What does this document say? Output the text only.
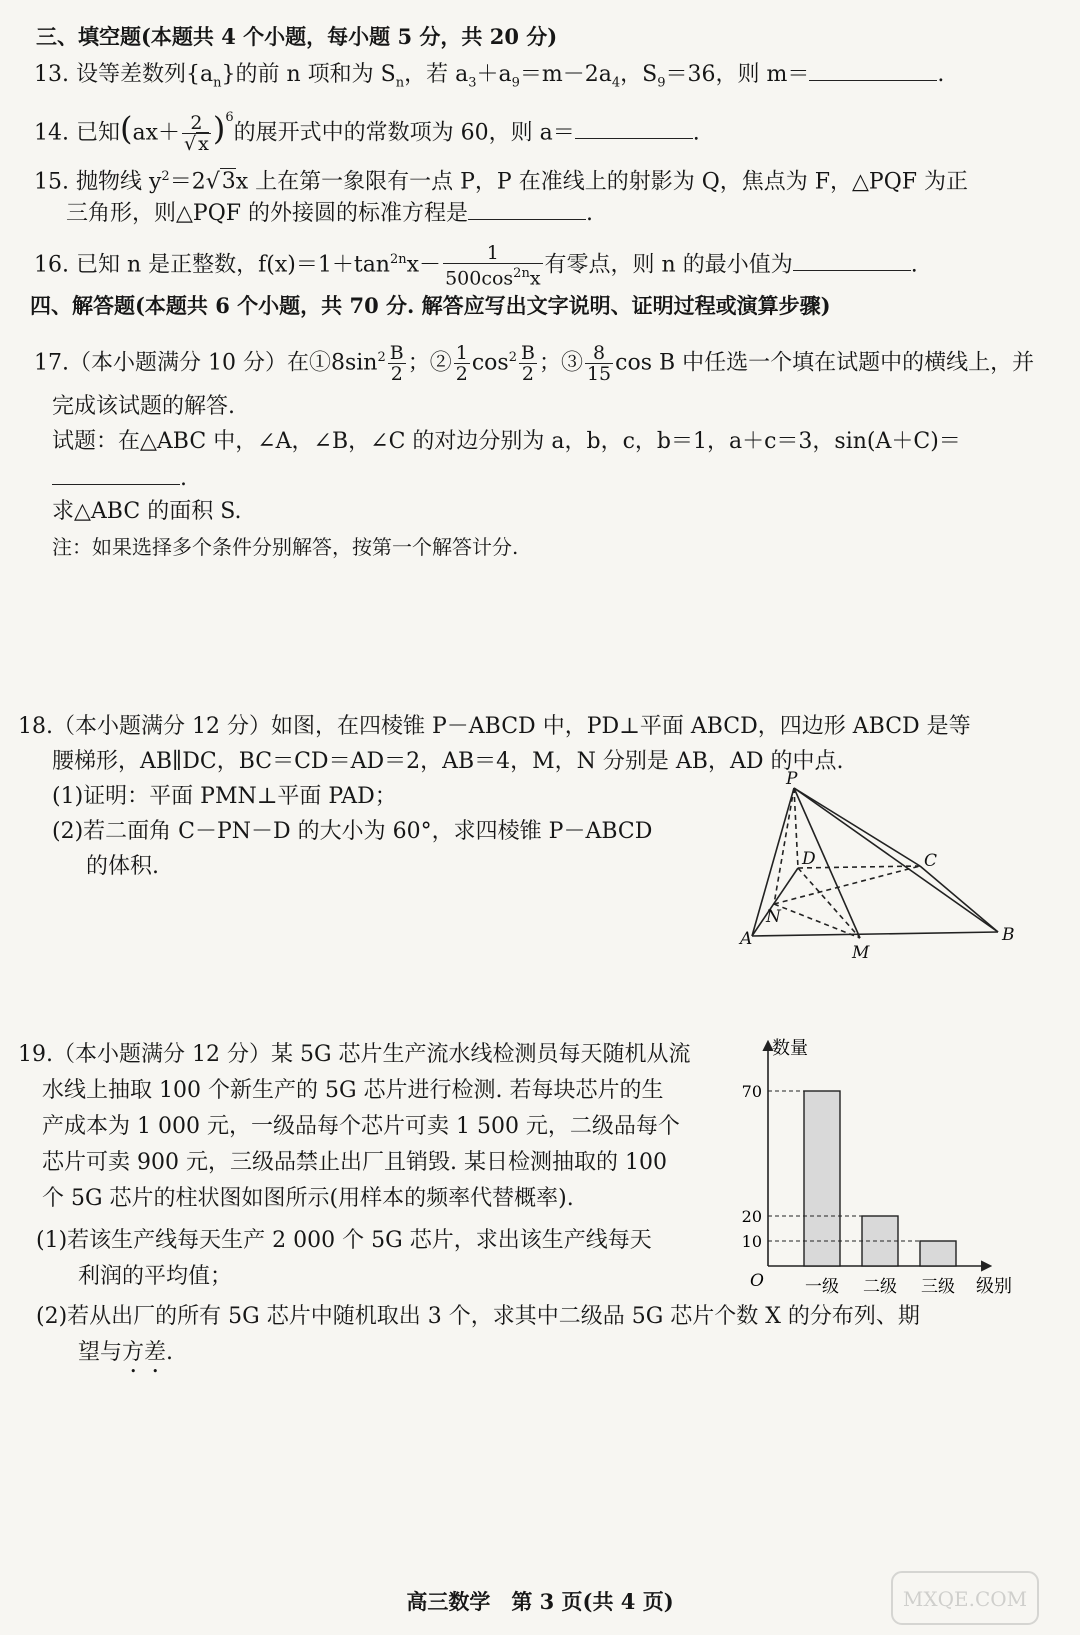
三、填空题(本题共 4 个小题，每小题 5 分，共 20 分)
13. 设等差数列$\{a_n\}$的前 n 项和为 $S_n$，若 $a_3+a_9=m-2a_4$，$S_9=36$，则 m＝	.
14. 已知$(ax+ \frac{2}{√ x} )^6$的展开式中的常数项为 60，则 a＝	.
15. 抛物线 $y^2=2√3x$ 上在第一象限有一点 P，P 在准线上的射影为 Q，焦点为 F，△PQF 为正
三角形，则△PQF 的外接圆的标准方程是	.
16. 已知 n 是正整数，$f(x)=1+\tan^{2n}x- \frac{1}{500\cos^{2n}x}$ 有零点，则 n 的最小值为	.
四、解答题(本题共 6 个小题，共 70 分. 解答应写出文字说明、证明过程或演算步骤)
17.（本小题满分 10 分）在$①8\sin^2 \frac{B}{2}$ ；② $\frac{1}{2} \cos^2 \frac{B}{2}$ ；③ $\frac{8}{15}$ cos B 中任选一个填在试题中的横线上，并
完成该试题的解答.
试题：在△ABC 中，∠A，∠B，∠C 的对边分别为 a，b，c，b＝1，a＋c＝3，sin(A＋C)＝
.
求△ABC 的面积 S.
注：如果选择多个条件分别解答，按第一个解答计分.
18.（本小题满分 12 分）如图，在四棱锥 P－ABCD 中，PD⊥平面 ABCD，四边形 ABCD 是等
腰梯形，AB∥DC，BC＝CD＝AD＝2，AB＝4，M，N 分别是 AB，AD 的中点.
(1)证明：平面 PMN⊥平面 PAD；
(2)若二面角 C－PN－D 的大小为 60°，求四棱锥 P－ABCD
的体积.
P
D	C
N
A
M
B
19.（本小题满分 12 分）某 5G 芯片生产流水线检测员每天随机从流
水线上抽取 100 个新生产的 5G 芯片进行检测. 若每块芯片的生
产成本为 1 000 元，一级品每个芯片可卖 1 500 元，二级品每个
芯片可卖 900 元，三级品禁止出厂且销毁. 某日检测抽取的 100
个 5G 芯片的柱状图如图所示(用样本的频率代替概率).
(1)若该生产线每天生产 2 000 个 5G 芯片，求出该生产线每天
利润的平均值；
(2)若从出厂的所有 5G 芯片中随机取出 3 个，求其中二级品 5G 芯片个数 X 的分布列、期
望与方差.
数量
级别
O
10
20
70
一级 二级 三级
高三数学　第 3 页(共 4 页)	MXQE.COM
